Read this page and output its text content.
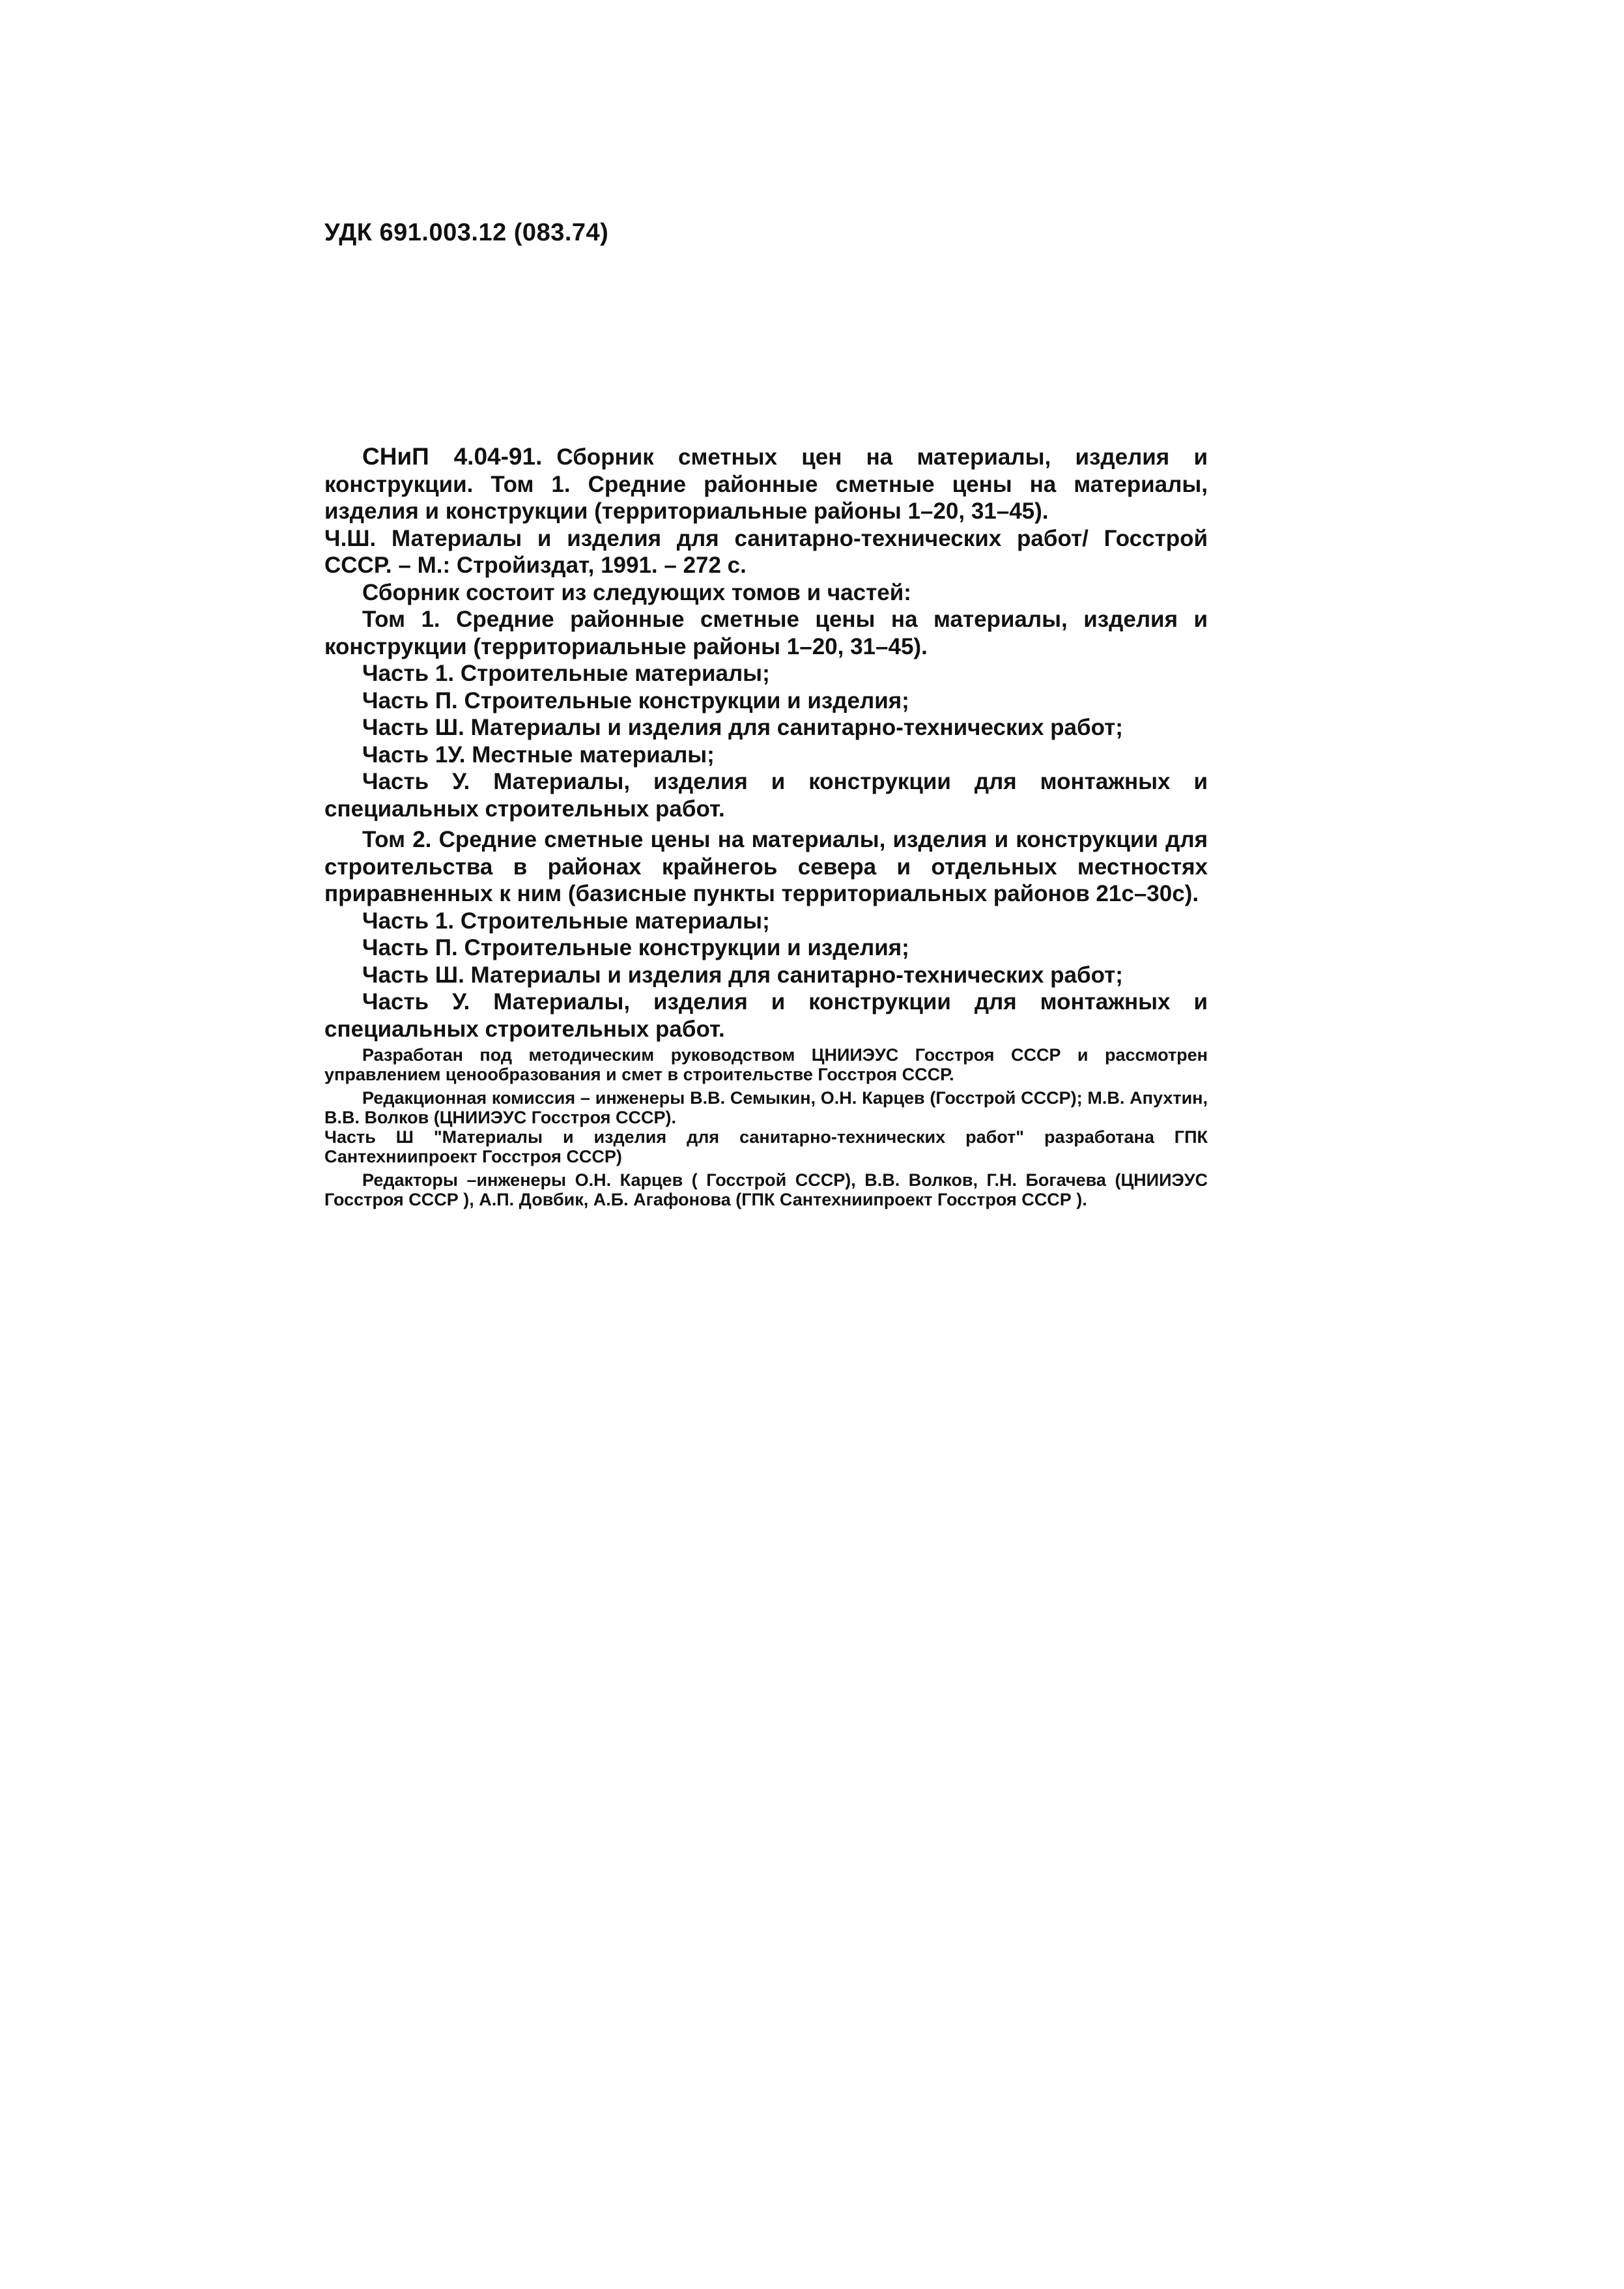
УДК 691.003.12 (083.74)

СНиП 4.04-91. Сборник сметных цен на материалы, изделия и конструкции. Том 1. Средние районные сметные цены на материалы, изделия и конструкции (территориальные районы 1–20, 31–45).

Ч.Ш. Материалы и изделия для санитарно-технических работ/ Госстрой СССР. – М.: Стройиздат, 1991. – 272 с.

Сборник состоит из следующих томов и частей:

Том 1. Средние районные сметные цены на материалы, изделия и конструкции (территориальные районы 1–20, 31–45).

Часть 1. Строительные материалы;

Часть П. Строительные конструкции и изделия;

Часть Ш. Материалы и изделия для санитарно-технических работ;

Часть 1У. Местные материалы;

Часть У. Материалы, изделия и конструкции для монтажных и специальных строительных работ.

Том 2. Средние сметные цены на материалы, изделия и конструкции для строительства в районах крайнегоь севера и отдельных местностях приравненных к ним (базисные пункты территориальных районов 21с–30с).

Часть 1. Строительные материалы;

Часть П. Строительные конструкции и изделия;

Часть Ш. Материалы и изделия для санитарно-технических работ;

Часть У. Материалы, изделия и конструкции для монтажных и специальных строительных работ.

Разработан под методическим руководством ЦНИИЭУС Госстроя СССР и рассмотрен управлением ценообразования и смет в строительстве Госстроя СССР.

Редакционная комиссия – инженеры В.В. Семыкин, О.Н. Карцев (Госстрой СССР); М.В. Апухтин, В.В. Волков (ЦНИИЭУС Госстроя СССР).

Часть Ш "Материалы и изделия для санитарно-технических работ" разработана ГПК Сантехниипроект Госстроя СССР)

Редакторы –инженеры О.Н. Карцев ( Госстрой СССР), В.В. Волков, Г.Н. Богачева (ЦНИИЭУС Госстроя СССР ), А.П. Довбик, А.Б. Агафонова (ГПК Сантехниипроект Госстроя СССР ).
